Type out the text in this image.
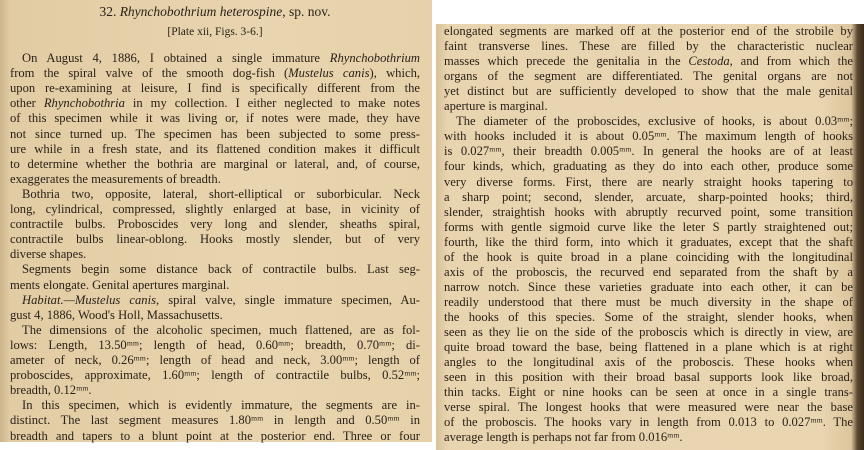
32. Rhynchobothrium heterospine, sp. nov.
[Plate xii, Figs. 3-6.]
On August 4, 1886, I obtained a single immature Rhynchobothrium
from the spiral valve of the smooth dog-fish (Mustelus canis), which,
upon re-examining at leisure, I find is specifically different from the
other Rhynchobothria in my collection. I either neglected to make notes
of this specimen while it was living or, if notes were made, they have
not since turned up. The specimen has been subjected to some press-
ure while in a fresh state, and its flattened condition makes it difficult
to determine whether the bothria are marginal or lateral, and, of course,
exaggerates the measurements of breadth.
Bothria two, opposite, lateral, short-elliptical or suborbicular. Neck
long, cylindrical, compressed, slightly enlarged at base, in vicinity of
contractile bulbs. Proboscides very long and slender, sheaths spiral,
contractile bulbs linear-oblong. Hooks mostly slender, but of very
diverse shapes.
Segments begin some distance back of contractile bulbs. Last seg-
ments elongate. Genital apertures marginal.
Habitat.—Mustelus canis, spiral valve, single immature specimen, Au-
gust 4, 1886, Wood's Holl, Massachusetts.
The dimensions of the alcoholic specimen, much flattened, are as fol-
lows: Length, 13.50ᵐᵐ; length of head, 0.60ᵐᵐ; breadth, 0.70ᵐᵐ; di-
ameter of neck, 0.26ᵐᵐ; length of head and neck, 3.00ᵐᵐ; length of
proboscides, approximate, 1.60ᵐᵐ; length of contractile bulbs, 0.52ᵐᵐ;
breadth, 0.12ᵐᵐ.
In this specimen, which is evidently immature, the segments are in-
distinct. The last segment measures 1.80ᵐᵐ in length and 0.50ᵐᵐ in
breadth and tapers to a blunt point at the posterior end. Three or four
elongated segments are marked off at the posterior end of the strobile by
faint transverse lines. These are filled by the characteristic nuclear
masses which precede the genitalia in the Cestoda, and from which the
organs of the segment are differentiated. The genital organs are not
yet distinct but are sufficiently developed to show that the male genital
aperture is marginal.
The diameter of the proboscides, exclusive of hooks, is about 0.03ᵐᵐ;
with hooks included it is about 0.05ᵐᵐ. The maximum length of hooks
is 0.027ᵐᵐ, their breadth 0.005ᵐᵐ. In general the hooks are of at least
four kinds, which, graduating as they do into each other, produce some
very diverse forms. First, there are nearly straight hooks tapering to
a sharp point; second, slender, arcuate, sharp-pointed hooks; third,
slender, straightish hooks with abruptly recurved point, some transition
forms with gentle sigmoid curve like the leter S partly straightened out;
fourth, like the third form, into which it graduates, except that the shaft
of the hook is quite broad in a plane coinciding with the longitudinal
axis of the proboscis, the recurved end separated from the shaft by a
narrow notch. Since these varieties graduate into each other, it can be
readily understood that there must be much diversity in the shape of
the hooks of this species. Some of the straight, slender hooks, when
seen as they lie on the side of the proboscis which is directly in view, are
quite broad toward the base, being flattened in a plane which is at right
angles to the longitudinal axis of the proboscis. These hooks when
seen in this position with their broad basal supports look like broad,
thin tacks. Eight or nine hooks can be seen at once in a single trans-
verse spiral. The longest hooks that were measured were near the base
of the proboscis. The hooks vary in length from 0.013 to 0.027ᵐᵐ. The
average length is perhaps not far from 0.016ᵐᵐ.
